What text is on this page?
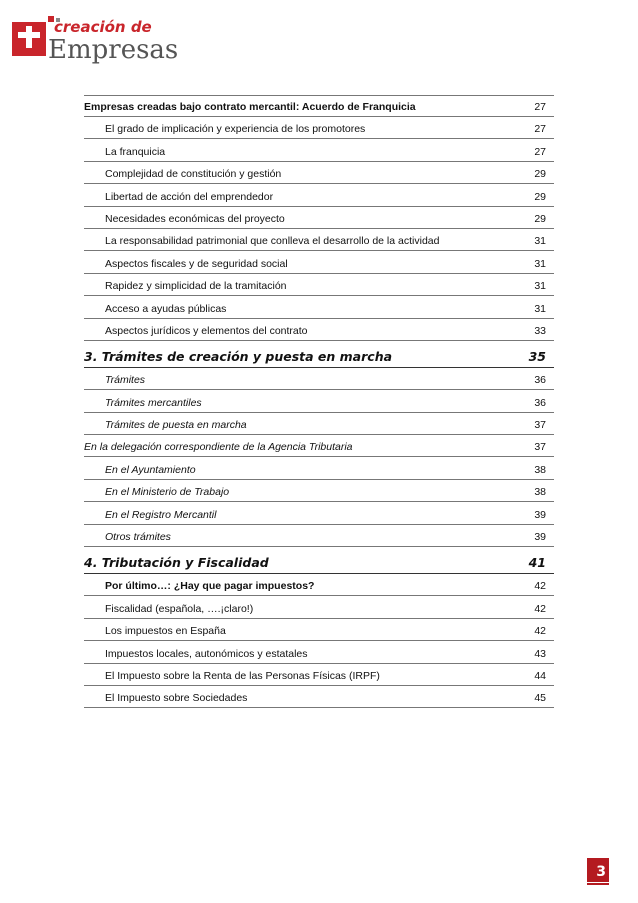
creación de
Empresas
Empresas creadas bajo contrato mercantil: Acuerdo de Franquicia	27
El grado de implicación y experiencia de los promotores	27
La franquicia	27
Complejidad de constitución y gestión	29
Libertad de acción del emprendedor	29
Necesidades económicas del proyecto	29
La responsabilidad patrimonial que conlleva el desarrollo de la actividad	31
Aspectos fiscales y de seguridad social	31
Rapidez y simplicidad de la tramitación	31
Acceso a ayudas públicas	31
Aspectos jurídicos y elementos del contrato	33
3. Trámites de creación y puesta en marcha	35
Trámites	36
Trámites mercantiles	36
Trámites de puesta en marcha	37
En la delegación correspondiente de la Agencia Tributaria	37
En el Ayuntamiento	38
En el Ministerio de Trabajo	38
En el Registro Mercantil	39
Otros trámites	39
4. Tributación y Fiscalidad	41
Por último…: ¿Hay que pagar impuestos?	42
Fiscalidad (española, ….¡claro!)	42
Los impuestos en España	42
Impuestos locales, autonómicos y estatales	43
El Impuesto sobre la Renta de las Personas Físicas (IRPF)	44
El Impuesto sobre Sociedades	45
3
